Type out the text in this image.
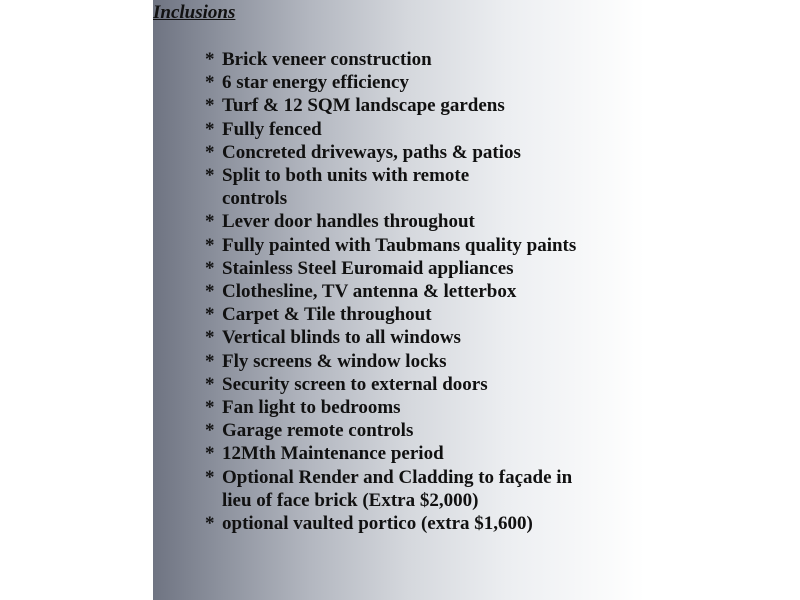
Inclusions
* Brick veneer construction
* 6 star energy efficiency
* Turf & 12 SQM landscape gardens
* Fully fenced
* Concreted driveways, paths & patios
* Split to both units with remote
controls
* Lever door handles throughout
* Fully painted with Taubmans quality paints
* Stainless Steel Euromaid appliances
* Clothesline, TV antenna & letterbox
* Carpet & Tile throughout
* Vertical blinds to all windows
* Fly screens & window locks
* Security screen to external doors
* Fan light to bedrooms
* Garage remote controls
* 12Mth Maintenance period
* Optional Render and Cladding to façade in
lieu of face brick (Extra $2,000)
* optional vaulted portico (extra $1,600)
